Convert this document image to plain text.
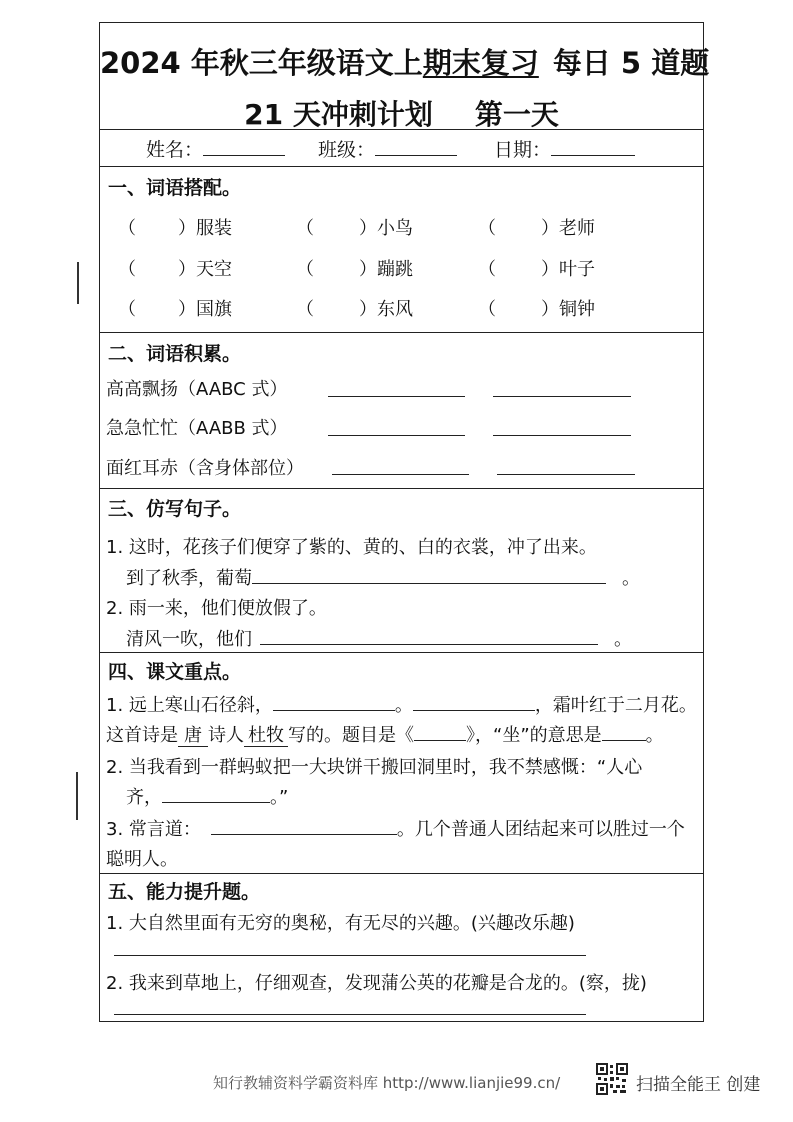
2024 年秋三年级语文上期末复习 每日 5 道题
21 天冲刺计划 第一天
姓名：	班级：	日期：
一、词语搭配。
（ ）服装	（	）小鸟	（	）老师
（ ）天空	（	）蹦跳	（	）叶子
（ ）国旗	（	）东风	（	）铜钟
二、词语积累。
高高飘扬（AABC 式）
急急忙忙（AABB 式）
面红耳赤（含身体部位）
三、仿写句子。
1. 这时，花孩子们便穿了紫的、黄的、白的衣裳，冲了出来。
到了秋季，葡萄	。
2. 雨一来，他们便放假了。
清风一吹，他们	。
四、课文重点。
1. 远上寒山石径斜，	。	，霜叶红于二月花。
这首诗是 唐 诗人 杜牧 写的。题目是《	》，“坐”的意思是 。
2. 当我看到一群蚂蚁把一大块饼干搬回洞里时，我不禁感慨：“人心
齐，	。”
3. 常言道：	。几个普通人团结起来可以胜过一个
聪明人。
五、能力提升题。
1. 大自然里面有无穷的奥秘，有无尽的兴趣。(兴趣改乐趣)
2. 我来到草地上，仔细观查，发现蒲公英的花瓣是合龙的。(察，拢)
知行教辅资料学霸资料库 http://www.lianjie99.cn/	扫描全能王 创建
